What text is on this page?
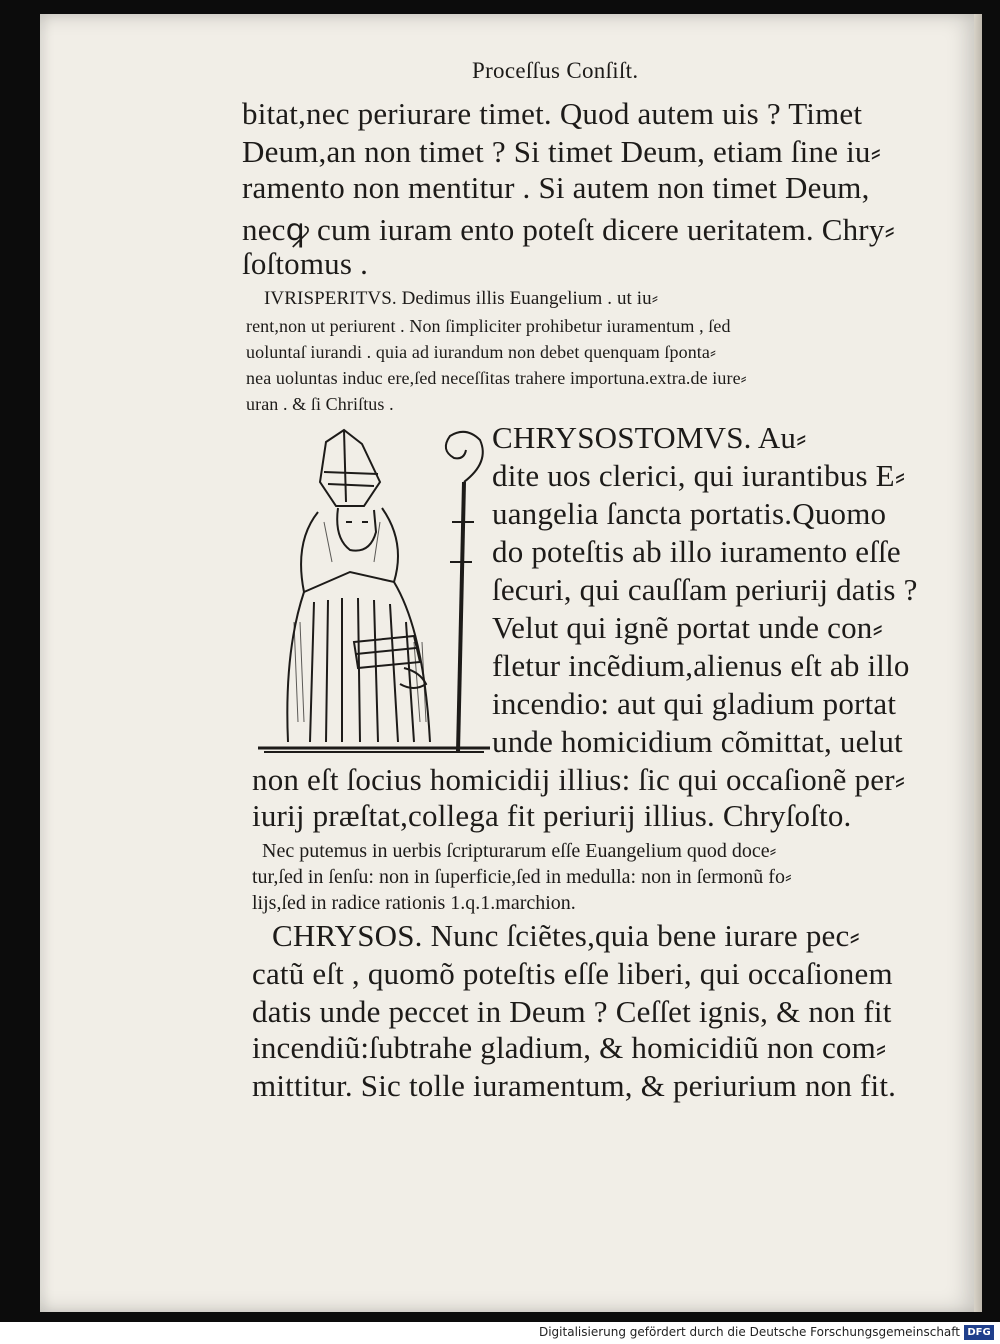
Proceſſus Conſiſt.
bitat,nec periurare timet. Quod autem uis ? Timet
Deum,an non timet ? Si timet Deum, etiam ſine iu⸗
ramento non mentitur . Si autem non timet Deum,
necꝙ cum iuram ento poteſt dicere ueritatem. Chry⸗
ſoſtomus .
IVRISPERITVS. Dedimus illis Euangelium . ut iu⸗
rent,non ut periurent . Non ſimpliciter prohibetur iuramentum , ſed
uoluntaſ iurandi . quia ad iurandum non debet quenquam ſponta⸗
nea uoluntas induc ere,ſed neceſſitas trahere importuna.extra.de iure⸗
uran . & ſi Chriſtus .
CHRYSOSTOMVS. Au⸗
dite uos clerici, qui iurantibus E⸗
uangelia ſancta portatis.Quomo
do poteſtis ab illo iuramento eſſe
ſecuri, qui cauſſam periurij datis ?
Velut qui ignẽ portat unde con⸗
fletur incẽdium,alienus eſt ab illo
incendio: aut qui gladium portat
unde homicidium cõmittat, uelut
non eſt ſocius homicidij illius: ſic qui occaſionẽ per⸗
iurij præſtat,collega fit periurij illius. Chryſoſto.
Nec putemus in uerbis ſcripturarum eſſe Euangelium quod doce⸗
tur,ſed in ſenſu: non in ſuperficie,ſed in medulla: non in ſermonũ fo⸗
lijs,ſed in radice rationis 1.q.1.marchion.
CHRYSOS. Nunc ſciẽtes,quia bene iurare pec⸗
catũ eſt , quomõ poteſtis eſſe liberi, qui occaſionem
datis unde peccet in Deum ? Ceſſet ignis, & non fit
incendiũ:ſubtrahe gladium, & homicidiũ non com⸗
mittitur. Sic tolle iuramentum, & periurium non fit.
Digitalisierung gefördert durch die Deutsche Forschungsgemeinschaft DFG
